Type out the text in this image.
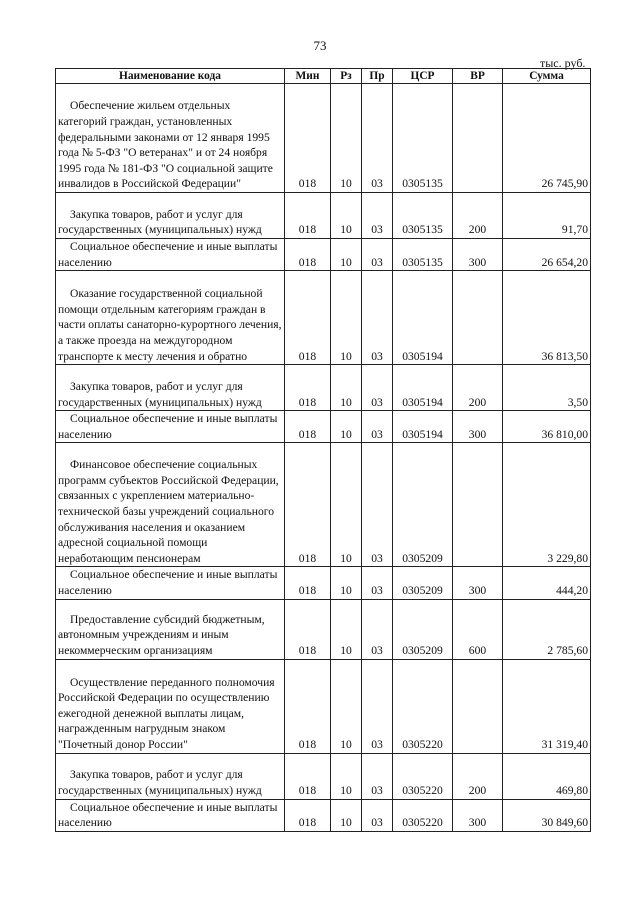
73
тыс. руб.
Наименование кода	Мин	Рз	Пр	ЦСР	ВР	Сумма

Обеспечение жильем отдельных категорий граждан, установленных федеральными законами от 12 января 1995 года № 5-ФЗ "О ветеранах" и от 24 ноября 1995 года № 181-ФЗ "О социальной защите инвалидов в Российской Федерации"	018	10	03	0305135		26 745,90

Закупка товаров, работ и услуг для государственных (муниципальных) нужд	018	10	03	0305135	200	91,70

Социальное обеспечение и иные выплаты населению	018	10	03	0305135	300	26 654,20

Оказание государственной социальной помощи отдельным категориям граждан в части оплаты санаторно-курортного лечения, а также проезда на междугородном транспорте к месту лечения и обратно	018	10	03	0305194		36 813,50

Закупка товаров, работ и услуг для государственных (муниципальных) нужд	018	10	03	0305194	200	3,50

Социальное обеспечение и иные выплаты населению	018	10	03	0305194	300	36 810,00

Финансовое обеспечение социальных программ субъектов Российской Федерации, связанных с укреплением материально-технической базы учреждений социального обслуживания населения и оказанием адресной социальной помощи неработающим пенсионерам	018	10	03	0305209		3 229,80

Социальное обеспечение и иные выплаты населению	018	10	03	0305209	300	444,20

Предоставление субсидий бюджетным, автономным учреждениям и иным некоммерческим организациям	018	10	03	0305209	600	2 785,60

Осуществление переданного полномочия Российской Федерации по осуществлению ежегодной денежной выплаты лицам, награжденным нагрудным знаком "Почетный донор России"	018	10	03	0305220		31 319,40

Закупка товаров, работ и услуг для государственных (муниципальных) нужд	018	10	03	0305220	200	469,80

Социальное обеспечение и иные выплаты населению	018	10	03	0305220	300	30 849,60
